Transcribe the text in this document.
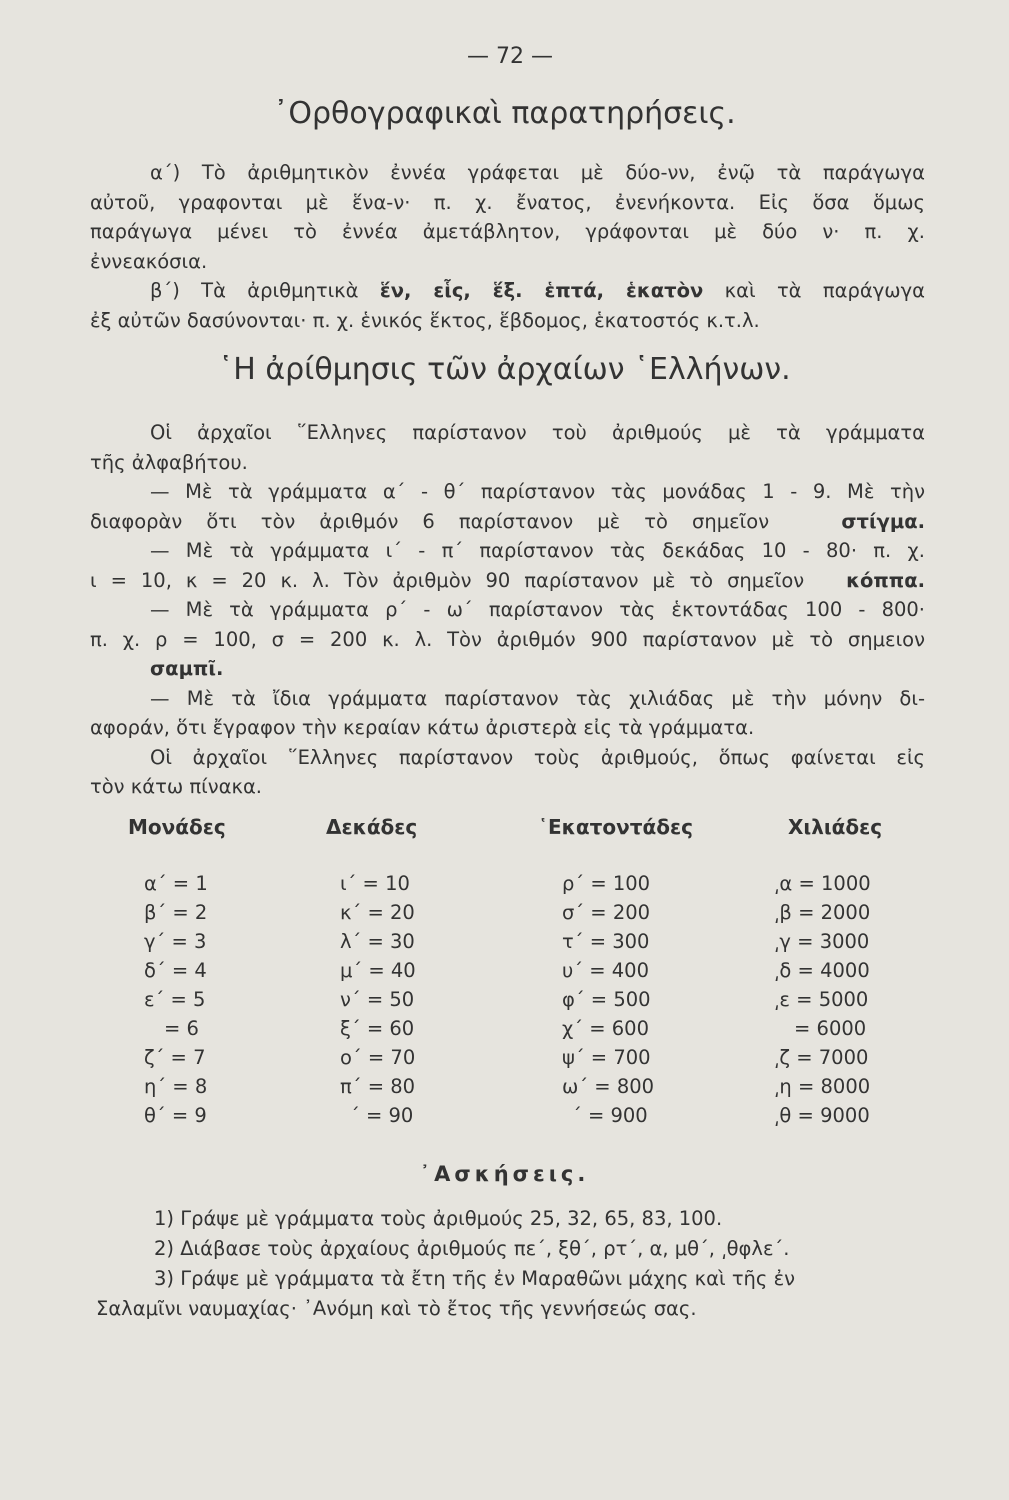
— 72 —
᾿Ορθογραφικαὶ παρατηρήσεις.
α΄) Τὸ ἀριθμητικὸν ἐννέα γράφεται μὲ δύο-νν, ἐνῷ τὰ παράγωγα
αὐτοῦ, γραφονται μὲ ἕνα-ν· π. χ. ἔνατος, ἐνενήκοντα. Εἰς ὅσα ὅμως
παράγωγα μένει τὸ ἐννέα ἀμετάβλητον, γράφονται μὲ δύο ν· π. χ.
ἐννεακόσια.
β΄) Τὰ ἀριθμητικὰ ἕν, εἷς, ἕξ. ἑπτά, ἑκατὸν καὶ τὰ παράγωγα
ἐξ αὐτῶν δασύνονται· π. χ. ἑνικός ἕκτος, ἕβδομος, ἑκατοστός κ.τ.λ.
῾Η ἀρίθμησις τῶν ἀρχαίων ῾Ελλήνων.
Οἱ ἀρχαῖοι ῞Ελληνες παρίστανον τοὺ ἀριθμούς μὲ τὰ γράμματα
τῆς ἀλφαβήτου.
— Μὲ τὰ γράμματα α΄ - θ΄ παρίστανον τὰς μονάδας 1 - 9. Μὲ τὴν
διαφορὰν ὅτι τὸν ἀριθμόν 6 παρίστανον μὲ τὸ σημεῖον	στίγμα.
— Μὲ τὰ γράμματα ι΄ - π΄ παρίστανον τὰς δεκάδας 10 - 80· π. χ.
ι = 10, κ = 20 κ. λ. Τὸν ἀριθμὸν 90 παρίστανον μὲ τὸ σημεῖον κόππα.
— Μὲ τὰ γράμματα ρ΄ - ω΄ παρίστανον τὰς ἑκτοντάδας 100 - 800·
π. χ. ρ = 100, σ = 200 κ. λ. Τὸν ἀριθμόν 900 παρίστανον μὲ τὸ σημειον
σαμπῖ.
— Μὲ τὰ ἴδια γράμματα παρίστανον τὰς χιλιάδας μὲ τὴν μόνην δι-
αφοράν, ὅτι ἔγραφον τὴν κεραίαν κάτω ἀριστερὰ εἰς τὰ γράμματα.
Οἱ ἀρχαῖοι ῞Ελληνες παρίστανον τοὺς ἀριθμούς, ὅπως φαίνεται εἰς
τὸν κάτω πίνακα.
Μονάδες
α΄ = 1
β΄ = 2
γ΄ = 3
δ΄ = 4
ε΄ = 5
= 6
ζ΄ = 7
η΄ = 8
θ΄ = 9
Δεκάδες
ι΄ = 10
κ΄ = 20
λ΄ = 30
μ΄ = 40
ν΄ = 50
ξ΄ = 60
ο΄ = 70
π΄ = 80
΄ = 90
῾Εκατοντάδες
ρ΄ = 100
σ΄ = 200
τ΄ = 300
υ΄ = 400
φ΄ = 500
χ΄ = 600
ψ΄ = 700
ω΄ = 800
΄ = 900
Χιλιάδες
͵α = 1000
͵β = 2000
͵γ = 3000
͵δ = 4000
͵ε = 5000
= 6000
͵ζ = 7000
͵η = 8000
͵θ = 9000
᾿Ασκήσεις.
1) Γράψε μὲ γράμματα τοὺς ἀριθμούς 25, 32, 65, 83, 100.
2) Διάβασε τοὺς ἀρχαίους ἀριθμούς πε΄, ξθ΄, ρτ΄, α, μθ΄, ͵θφλε΄.
3) Γράψε μὲ γράμματα τὰ ἔτη τῆς ἐν Μαραθῶνι μάχης καὶ τῆς ἐν
Σαλαμῖνι ναυμαχίας· ᾿Ανόμη καὶ τὸ ἔτος τῆς γεννήσεώς σας.
